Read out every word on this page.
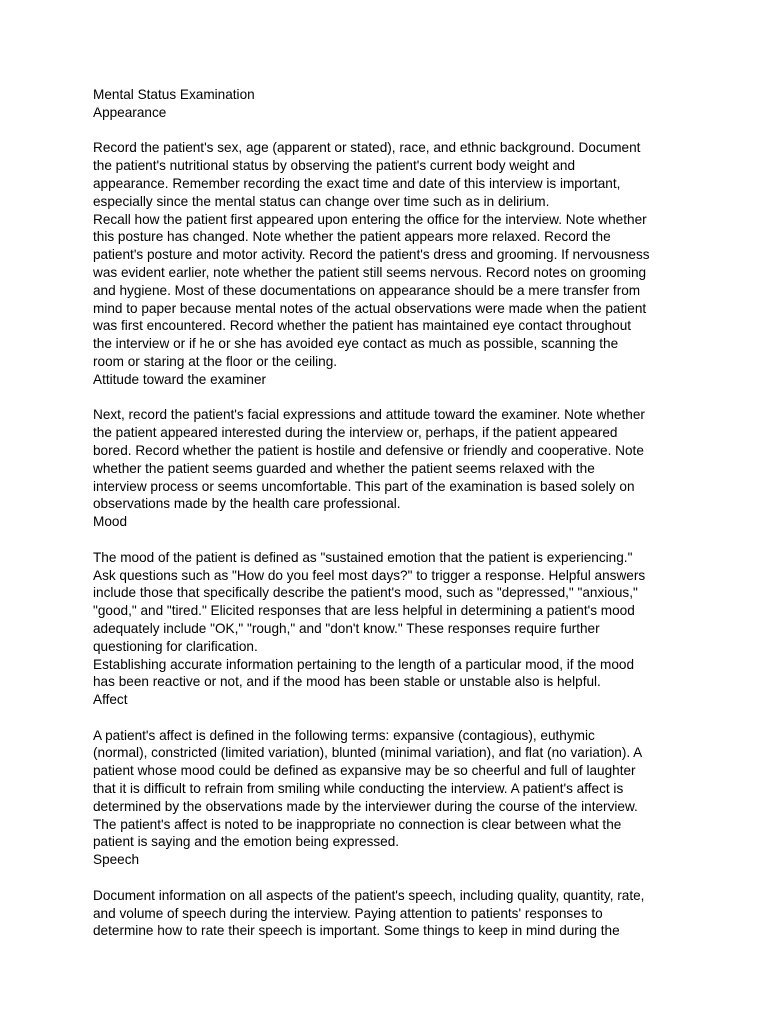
Mental Status Examination
Appearance
Record the patient's sex, age (apparent or stated), race, and ethnic background. Document
the patient's nutritional status by observing the patient's current body weight and
appearance. Remember recording the exact time and date of this interview is important,
especially since the mental status can change over time such as in delirium.
Recall how the patient first appeared upon entering the office for the interview. Note whether
this posture has changed. Note whether the patient appears more relaxed. Record the
patient's posture and motor activity. Record the patient's dress and grooming. If nervousness
was evident earlier, note whether the patient still seems nervous. Record notes on grooming
and hygiene. Most of these documentations on appearance should be a mere transfer from
mind to paper because mental notes of the actual observations were made when the patient
was first encountered. Record whether the patient has maintained eye contact throughout
the interview or if he or she has avoided eye contact as much as possible, scanning the
room or staring at the floor or the ceiling.
Attitude toward the examiner
Next, record the patient's facial expressions and attitude toward the examiner. Note whether
the patient appeared interested during the interview or, perhaps, if the patient appeared
bored. Record whether the patient is hostile and defensive or friendly and cooperative. Note
whether the patient seems guarded and whether the patient seems relaxed with the
interview process or seems uncomfortable. This part of the examination is based solely on
observations made by the health care professional.
Mood
The mood of the patient is defined as "sustained emotion that the patient is experiencing."
Ask questions such as "How do you feel most days?" to trigger a response. Helpful answers
include those that specifically describe the patient's mood, such as "depressed," "anxious,"
"good," and "tired." Elicited responses that are less helpful in determining a patient's mood
adequately include "OK," "rough," and "don't know." These responses require further
questioning for clarification.
Establishing accurate information pertaining to the length of a particular mood, if the mood
has been reactive or not, and if the mood has been stable or unstable also is helpful.
Affect
A patient's affect is defined in the following terms: expansive (contagious), euthymic
(normal), constricted (limited variation), blunted (minimal variation), and flat (no variation). A
patient whose mood could be defined as expansive may be so cheerful and full of laughter
that it is difficult to refrain from smiling while conducting the interview. A patient's affect is
determined by the observations made by the interviewer during the course of the interview.
The patient's affect is noted to be inappropriate no connection is clear between what the
patient is saying and the emotion being expressed.
Speech
Document information on all aspects of the patient's speech, including quality, quantity, rate,
and volume of speech during the interview. Paying attention to patients' responses to
determine how to rate their speech is important. Some things to keep in mind during the
